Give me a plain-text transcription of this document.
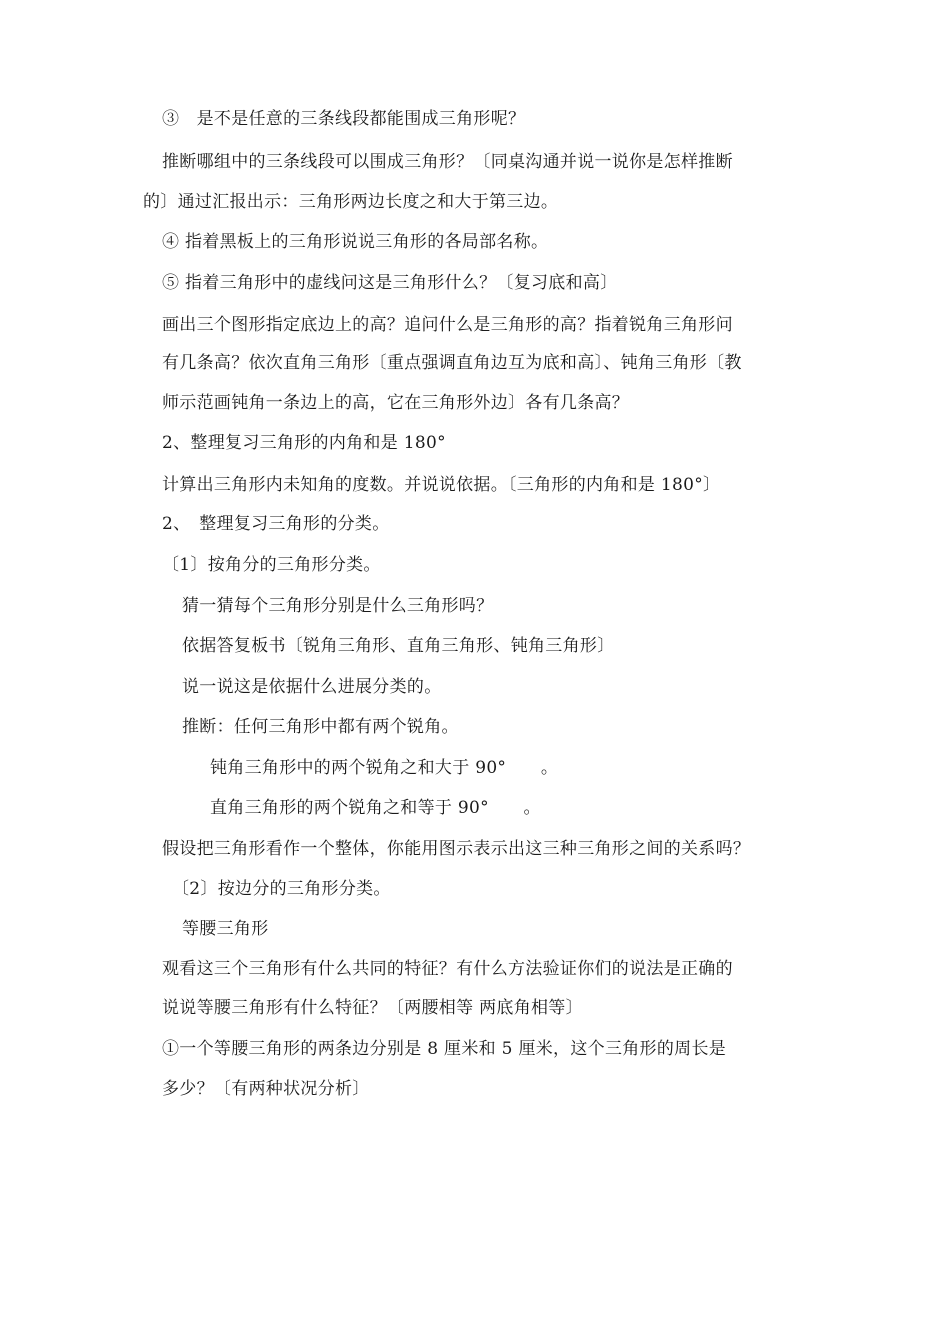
③　是不是任意的三条线段都能围成三角形呢？
推断哪组中的三条线段可以围成三角形？〔同桌沟通并说一说你是怎样推断
的〕通过汇报出示：三角形两边长度之和大于第三边。
④ 指着黑板上的三角形说说三角形的各局部名称。
⑤ 指着三角形中的虚线问这是三角形什么？〔复习底和高〕
画出三个图形指定底边上的高？追问什么是三角形的高？指着锐角三角形问
有几条高？依次直角三角形〔重点强调直角边互为底和高〕、钝角三角形〔教
师示范画钝角一条边上的高，它在三角形外边〕各有几条高？
2、整理复习三角形的内角和是 180°
计算出三角形内未知角的度数。并说说依据。〔三角形的内角和是 180°〕
2、　整理复习三角形的分类。
〔1〕按角分的三角形分类。
猜一猜每个三角形分别是什么三角形吗？
依据答复板书〔锐角三角形、直角三角形、钝角三角形〕
说一说这是依据什么进展分类的。
推断：任何三角形中都有两个锐角。
钝角三角形中的两个锐角之和大于 90°　　。
直角三角形的两个锐角之和等于 90°　　。
假设把三角形看作一个整体，你能用图示表示出这三种三角形之间的关系吗？
〔2〕按边分的三角形分类。
等腰三角形
观看这三个三角形有什么共同的特征？有什么方法验证你们的说法是正确的
说说等腰三角形有什么特征？〔两腰相等 两底角相等〕
①一个等腰三角形的两条边分别是 8 厘米和 5 厘米，这个三角形的周长是
多少？〔有两种状况分析〕
